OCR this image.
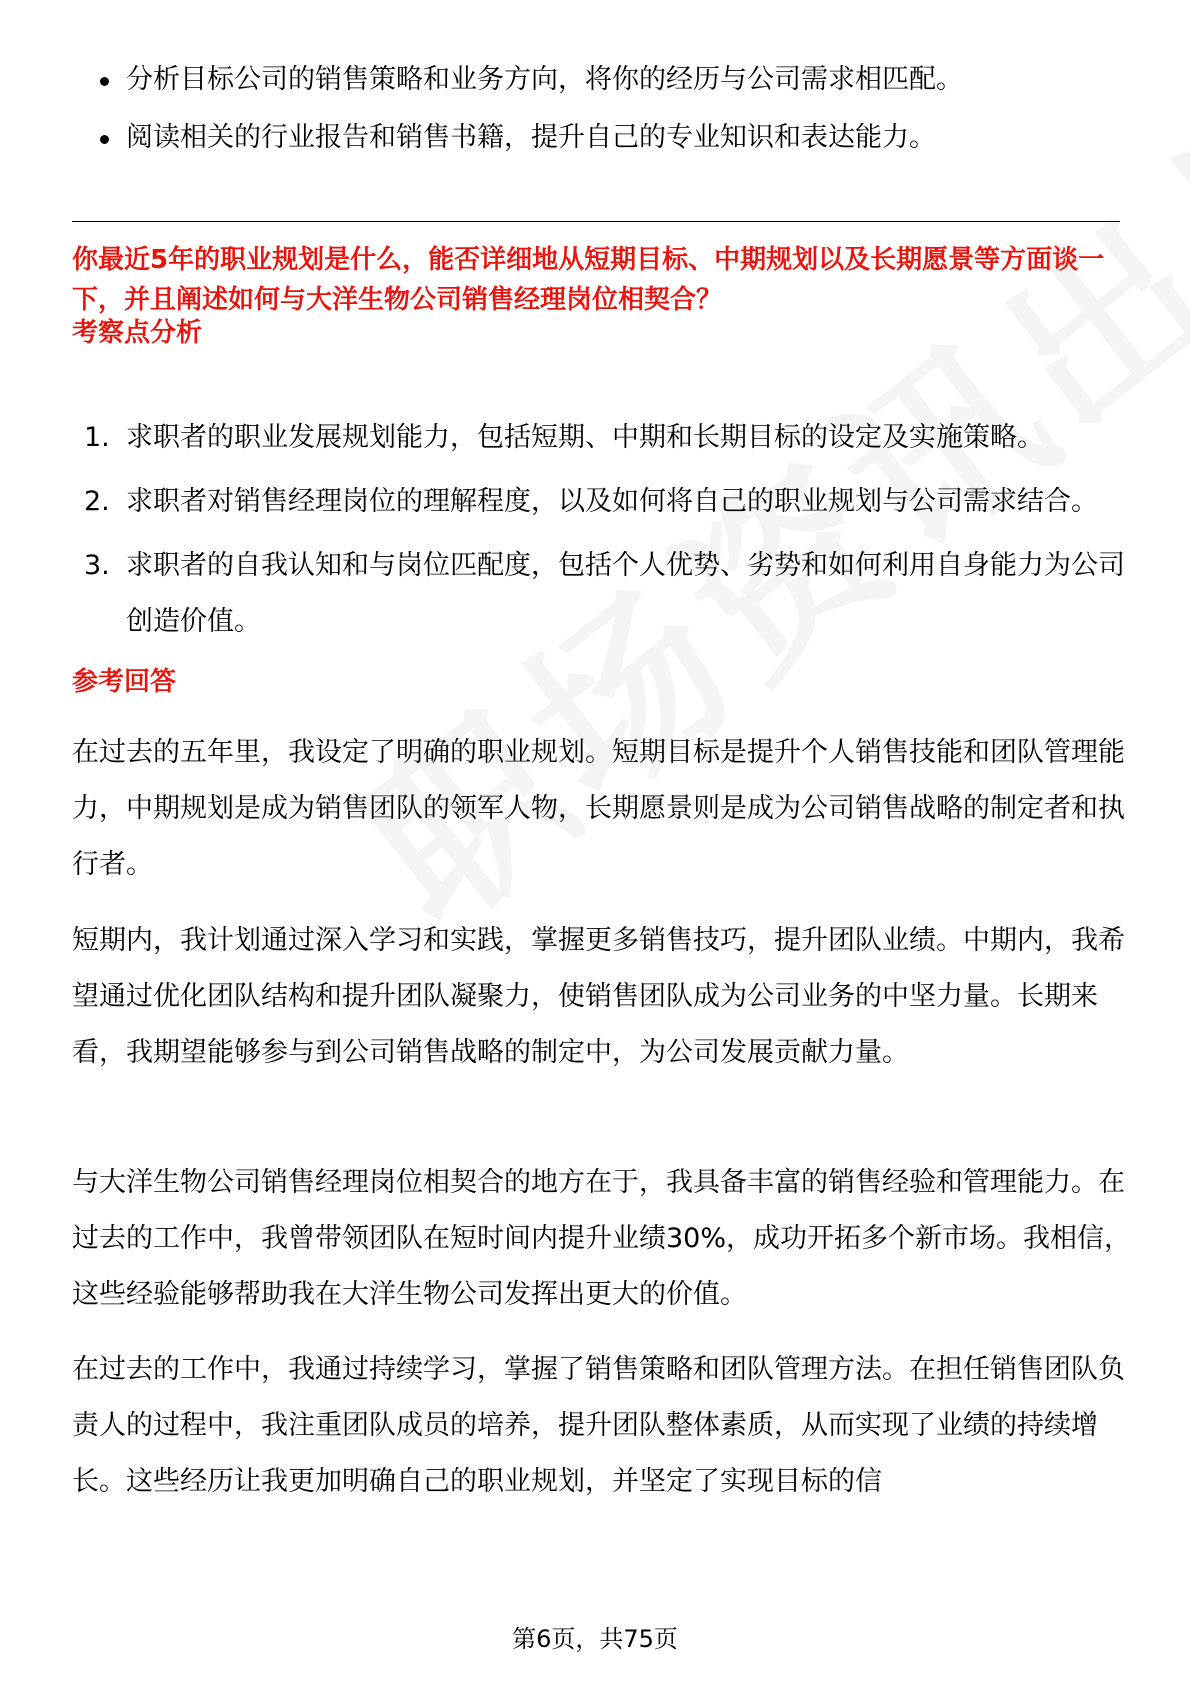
分析目标公司的销售策略和业务方向，将你的经历与公司需求相匹配。
阅读相关的行业报告和销售书籍，提升自己的专业知识和表达能力。

你最近5年的职业规划是什么，能否详细地从短期目标、中期规划以及长期愿景等方面谈一下，并且阐述如何与大洋生物公司销售经理岗位相契合？

考察点分析

1. 求职者的职业发展规划能力，包括短期、中期和长期目标的设定及实施策略。
2. 求职者对销售经理岗位的理解程度，以及如何将自己的职业规划与公司需求结合。
3. 求职者的自我认知和与岗位匹配度，包括个人优势、劣势和如何利用自身能力为公司创造价值。

参考回答

在过去的五年里，我设定了明确的职业规划。短期目标是提升个人销售技能和团队管理能力，中期规划是成为销售团队的领军人物，长期愿景则是成为公司销售战略的制定者和执行者。

短期内，我计划通过深入学习和实践，掌握更多销售技巧，提升团队业绩。中期内，我希望通过优化团队结构和提升团队凝聚力，使销售团队成为公司业务的中坚力量。长期来看，我期望能够参与到公司销售战略的制定中，为公司发展贡献力量。

与大洋生物公司销售经理岗位相契合的地方在于，我具备丰富的销售经验和管理能力。在过去的工作中，我曾带领团队在短时间内提升业绩30%，成功开拓多个新市场。我相信，这些经验能够帮助我在大洋生物公司发挥出更大的价值。

在过去的工作中，我通过持续学习，掌握了销售策略和团队管理方法。在担任销售团队负责人的过程中，我注重团队成员的培养，提升团队整体素质，从而实现了业绩的持续增长。这些经历让我更加明确自己的职业规划，并坚定了实现目标的信

第6页，共75页
